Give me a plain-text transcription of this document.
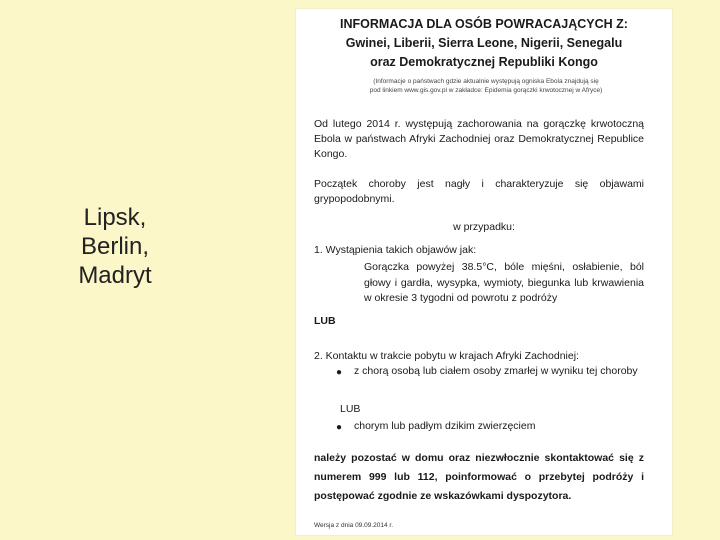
Lipsk,
Berlin,
Madryt
INFORMACJA DLA OSÓB POWRACAJĄCYCH Z:
Gwinei, Liberii, Sierra Leone, Nigerii, Senegalu
oraz Demokratycznej Republiki Kongo
(Informacje o państwach gdzie aktualnie występują ogniska Ebola znajdują się
pod linkiem www.gis.gov.pl w zakładce: Epidemia gorączki krwotocznej w Afryce)
Od lutego 2014 r. występują zachorowania na gorączkę krwotoczną Ebola w państwach Afryki Zachodniej oraz Demokratycznej Republice Kongo.
Początek choroby jest nagły i charakteryzuje się objawami grypopodobnymi.
w przypadku:
1. Wystąpienia takich objawów jak:
Gorączka powyżej 38.5°C, bóle mięśni, osłabienie, ból głowy i gardła, wysypka, wymioty, biegunka lub krwawienia w okresie 3 tygodni od powrotu z podróży
LUB
2. Kontaktu w trakcie pobytu w krajach Afryki Zachodniej:
● z chorą osobą lub ciałem osoby zmarłej w wyniku tej choroby
LUB
● chorym lub padłym dzikim zwierzęciem
należy pozostać w domu oraz niezwłocznie skontaktować się z numerem 999 lub 112, poinformować o przebytej podróży i postępować zgodnie ze wskazówkami dyspozytora.
Wersja z dnia 09.09.2014 r.
